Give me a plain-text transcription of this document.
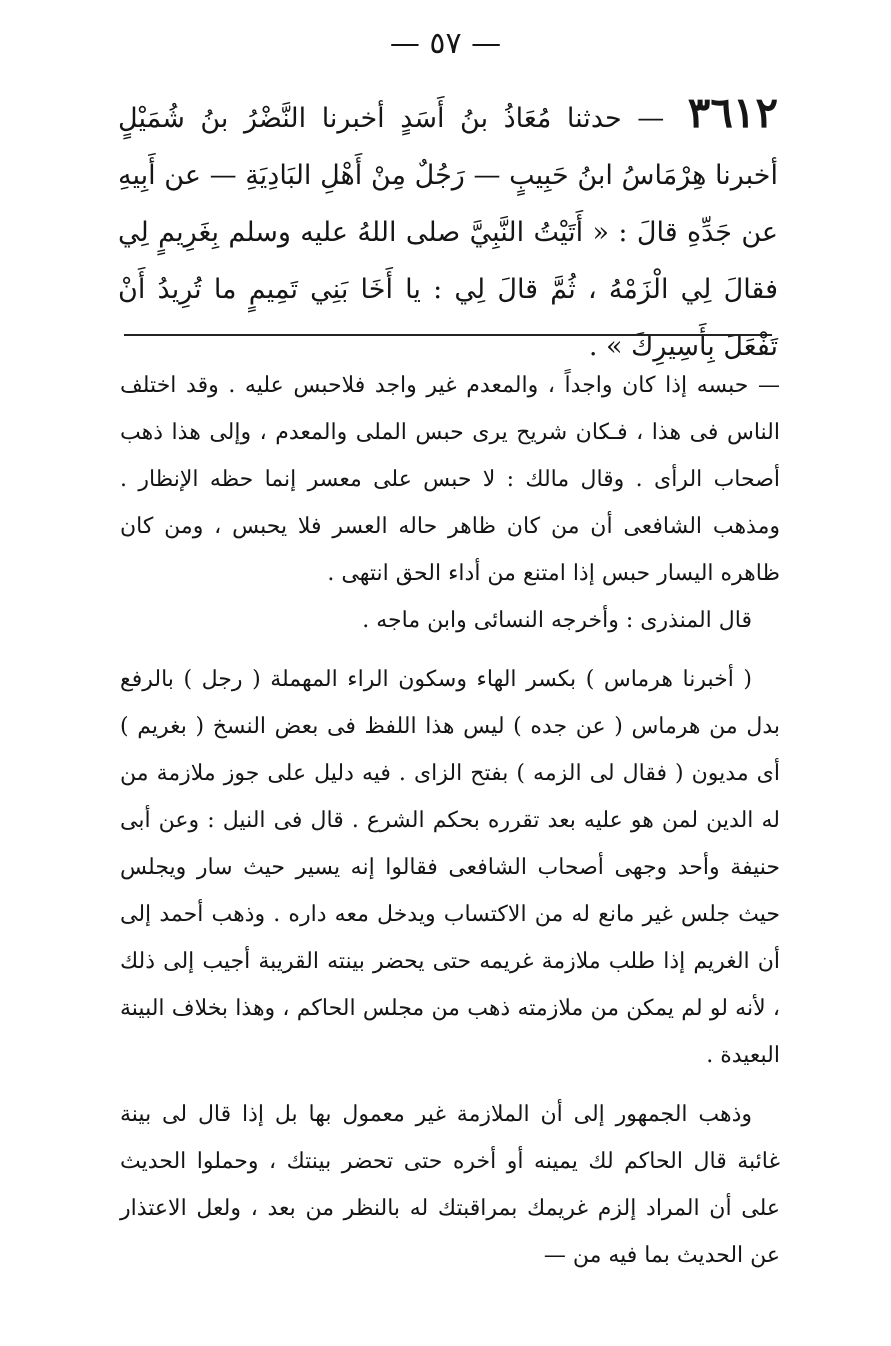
— ٥٧ —
٣٦١٢ — حدثنا مُعَاذُ بنُ أَسَدٍ أخبرنا النَّضْرُ بنُ شُمَيْلٍ أخبرنا هِرْمَاسُ ابنُ حَبِيبٍ — رَجُلٌ مِنْ أَهْلِ البَادِيَةِ — عن أَبِيهِ عن جَدِّهِ قالَ : « أَتَيْتُ النَّبِيَّ صلى اللهُ عليه وسلم بِغَرِيمٍ لِي فقالَ لِي الْزَمْهُ ، ثُمَّ قالَ لِي : يا أَخَا بَنِي تَمِيمٍ ما تُرِيدُ أَنْ تَفْعَلَ بِأَسِيرِكَ » .

— حبسه إذا كان واجداً ، والمعدم غير واجد فلاحبس عليه . وقد اختلف الناس فى هذا ، فـكان شريح يرى حبس الملى والمعدم ، وإلى هذا ذهب أصحاب الرأى . وقال مالك : لا حبس على معسر إنما حظه الإنظار . ومذهب الشافعى أن من كان ظاهر حاله العسر فلا يحبس ، ومن كان ظاهره اليسار حبس إذا امتنع من أداء الحق انتهى .

قال المنذرى : وأخرجه النسائى وابن ماجه .

( أخبرنا هرماس ) بكسر الهاء وسكون الراء المهملة ( رجل ) بالرفع بدل من هرماس ( عن جده ) ليس هذا اللفظ فى بعض النسخ ( بغريم ) أى مديون ( فقال لى الزمه ) بفتح الزاى . فيه دليل على جوز ملازمة من له الدين لمن هو عليه بعد تقرره بحكم الشرع . قال فى النيل : وعن أبى حنيفة وأحد وجهى أصحاب الشافعى فقالوا إنه يسير حيث سار ويجلس حيث جلس غير مانع له من الاكتساب ويدخل معه داره . وذهب أحمد إلى أن الغريم إذا طلب ملازمة غريمه حتى يحضر بينته القريبة أجيب إلى ذلك ، لأنه لو لم يمكن من ملازمته ذهب من مجلس الحاكم ، وهذا بخلاف البينة البعيدة .

وذهب الجمهور إلى أن الملازمة غير معمول بها بل إذا قال لى بينة غائبة قال الحاكم لك يمينه أو أخره حتى تحضر بينتك ، وحملوا الحديث على أن المراد إلزم غريمك بمراقبتك له بالنظر من بعد ، ولعل الاعتذار عن الحديث بما فيه من —
